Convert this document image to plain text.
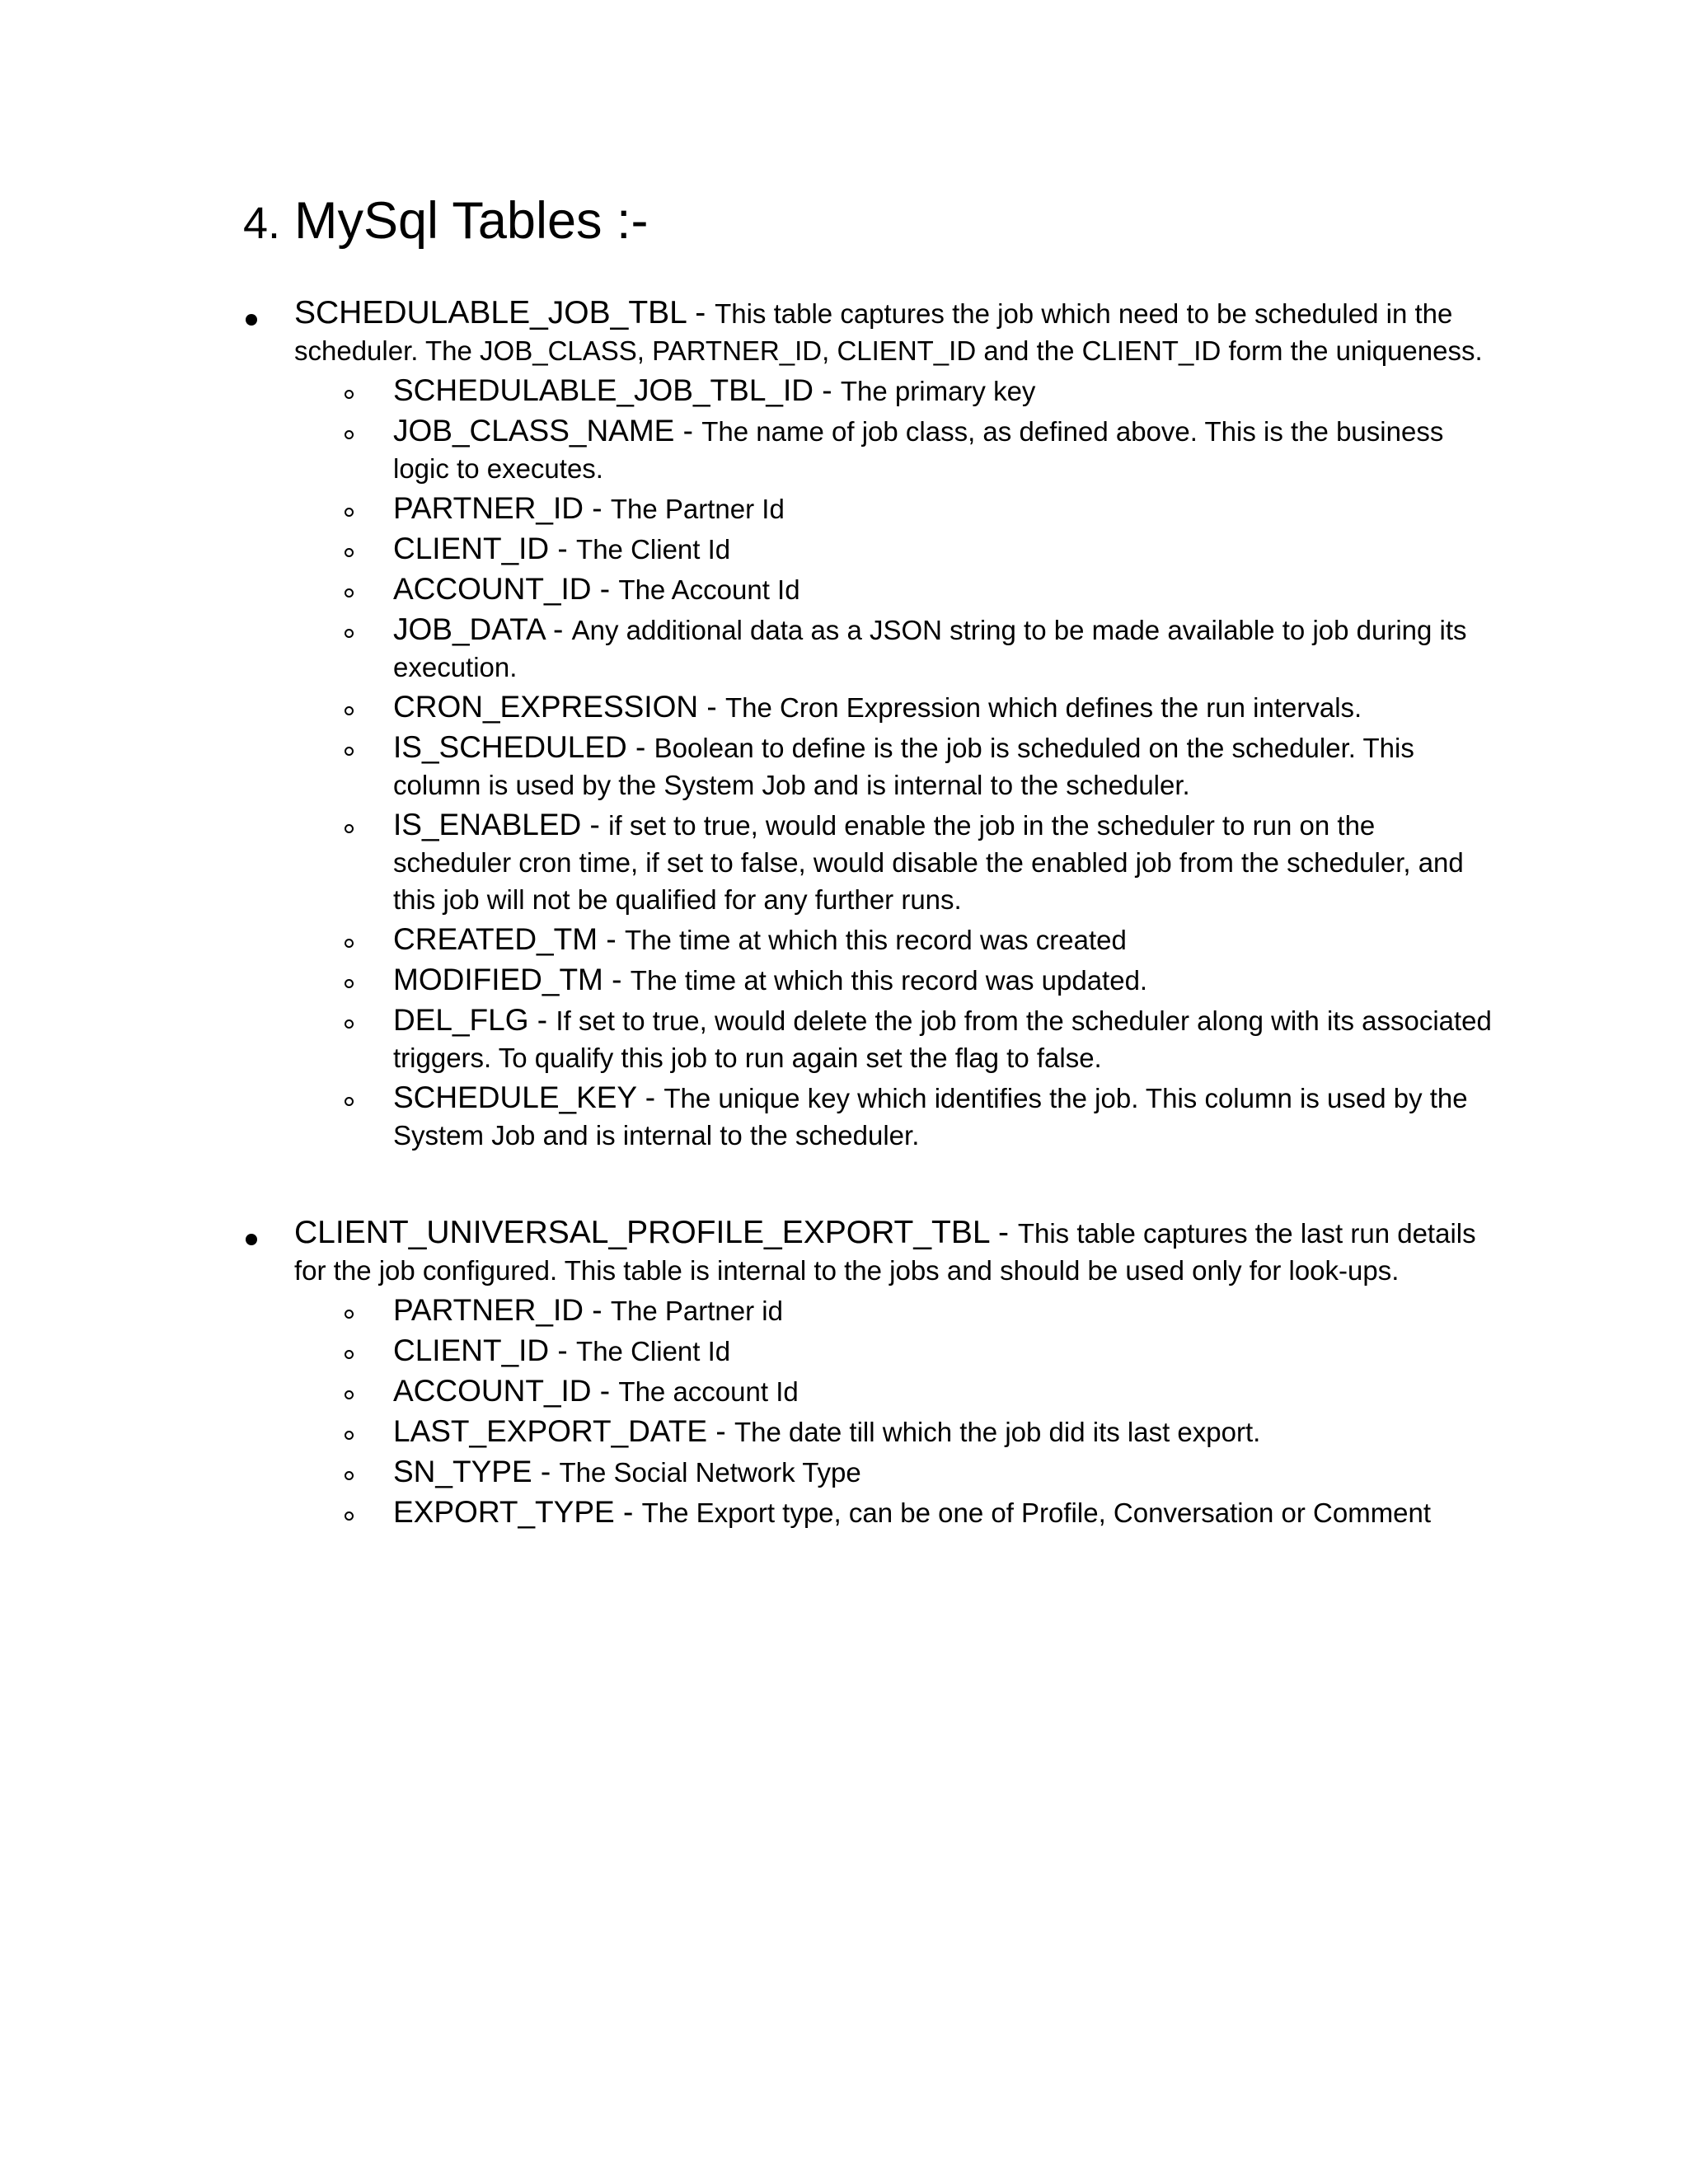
4. MySql Tables :-
SCHEDULABLE_JOB_TBL - This table captures the job which need to be scheduled in the scheduler. The JOB_CLASS, PARTNER_ID, CLIENT_ID and the CLIENT_ID form the uniqueness.
SCHEDULABLE_JOB_TBL_ID - The primary key
JOB_CLASS_NAME - The name of job class, as defined above. This is the business logic to executes.
PARTNER_ID - The Partner Id
CLIENT_ID - The Client Id
ACCOUNT_ID - The Account Id
JOB_DATA - Any additional data as a JSON string to be made available to job during its execution.
CRON_EXPRESSION - The Cron Expression which defines the run intervals.
IS_SCHEDULED - Boolean to define is the job is scheduled on the scheduler. This column is used by the System Job and is internal to the scheduler.
IS_ENABLED - if set to true, would enable the job in the scheduler to run on the scheduler cron time, if set to false, would disable the enabled job from the scheduler, and this job will not be qualified for any further runs.
CREATED_TM - The time at which this record was created
MODIFIED_TM - The time at which this record was updated.
DEL_FLG - If set to true, would delete the job from the scheduler along with its associated triggers. To qualify this job to run again set the flag to false.
SCHEDULE_KEY - The unique key which identifies the job. This column is used by the System Job and is internal to the scheduler.
CLIENT_UNIVERSAL_PROFILE_EXPORT_TBL - This table captures the last run details for the job configured. This table is internal to the jobs and should be used only for look-ups.
PARTNER_ID - The Partner id
CLIENT_ID - The Client Id
ACCOUNT_ID - The account Id
LAST_EXPORT_DATE - The date till which the job did its last export.
SN_TYPE - The Social Network Type
EXPORT_TYPE - The Export type, can be one of Profile, Conversation or Comment
